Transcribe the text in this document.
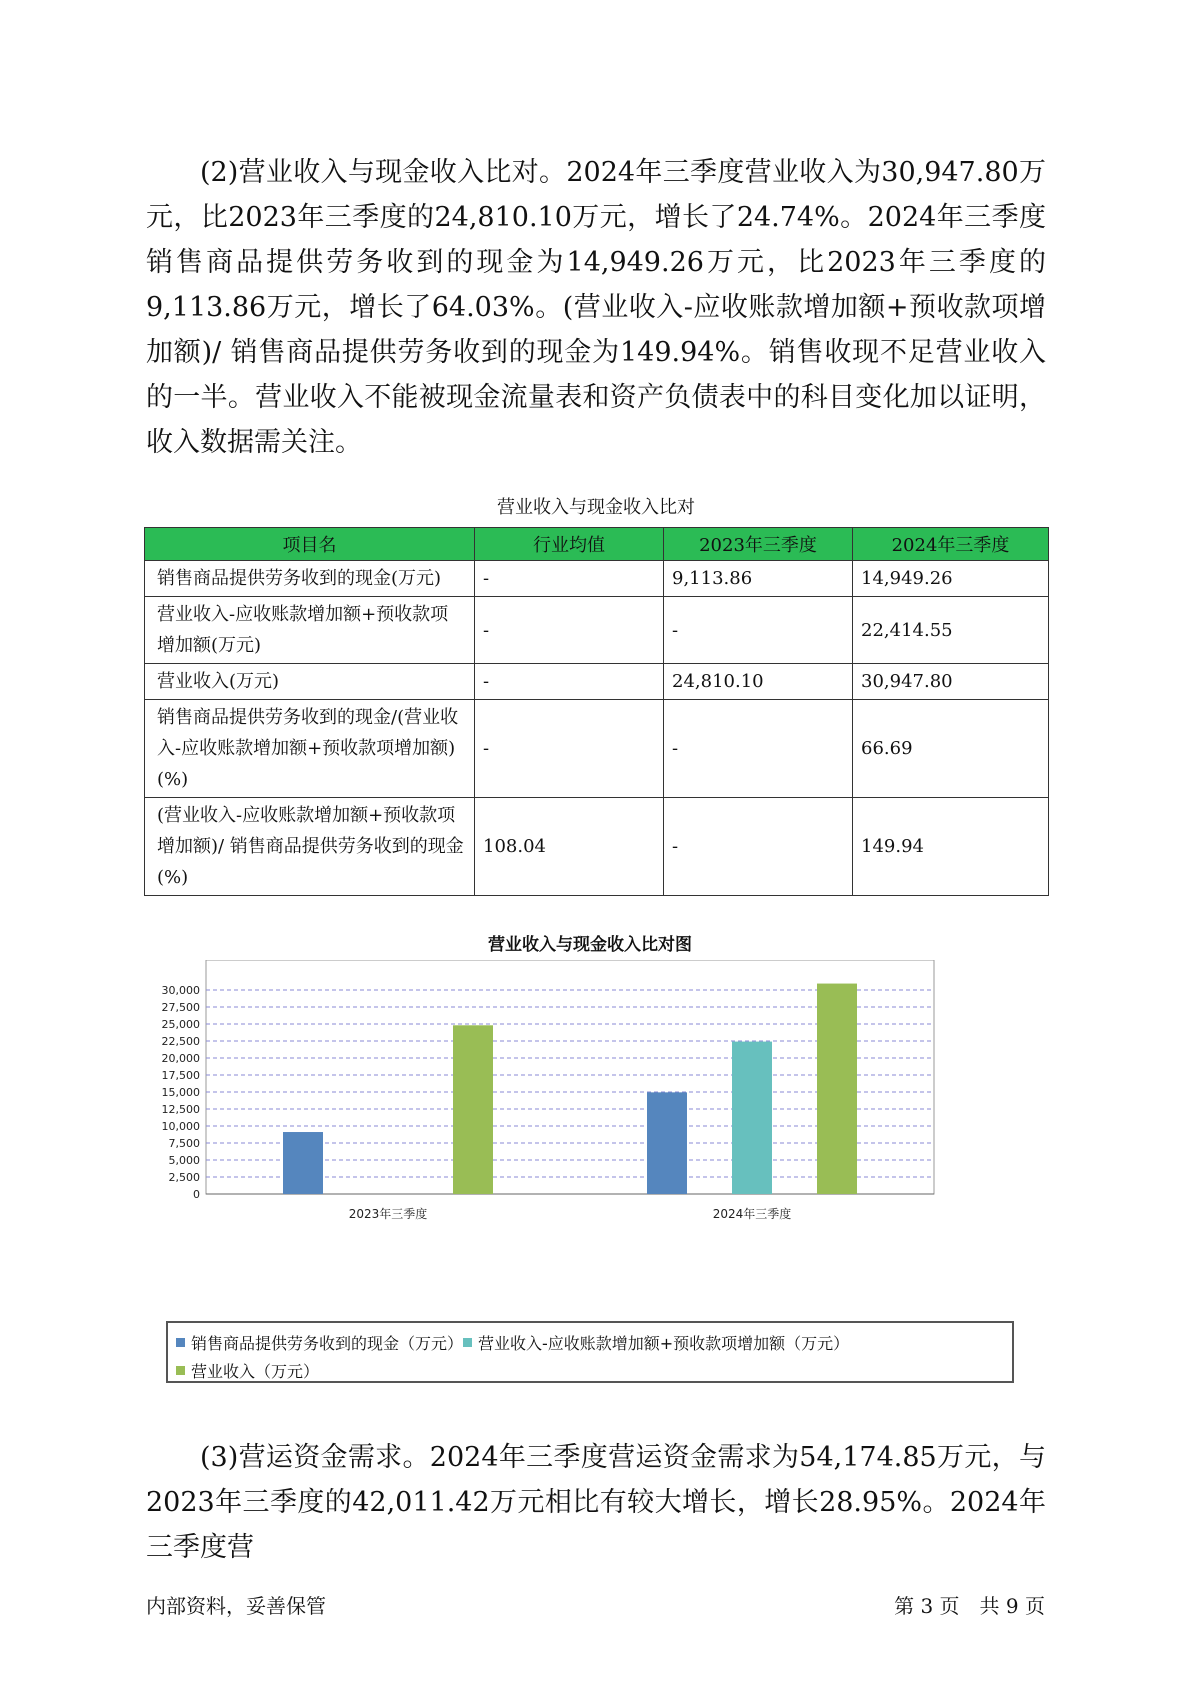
(2)营业收入与现金收入比对。2024年三季度营业收入为30,947.80万元，比2023年三季度的24,810.10万元，增长了24.74%。2024年三季度销售商品提供劳务收到的现金为14,949.26万元，比2023年三季度的9,113.86万元，增长了64.03%。(营业收入-应收账款增加额+预收款项增加额)/ 销售商品提供劳务收到的现金为149.94%。销售收现不足营业收入的一半。营业收入不能被现金流量表和资产负债表中的科目变化加以证明，收入数据需关注。

营业收入与现金收入比对
项目名	行业均值	2023年三季度	2024年三季度
销售商品提供劳务收到的现金(万元)	-	9,113.86	14,949.26
营业收入-应收账款增加额+预收款项增加额(万元)	-	-	22,414.55
营业收入(万元)	-	24,810.10	30,947.80
销售商品提供劳务收到的现金/(营业收入-应收账款增加额+预收款项增加额)(%)	-	-	66.69
(营业收入-应收账款增加额+预收款项增加额)/ 销售商品提供劳务收到的现金(%)	108.04	-	149.94
营业收入与现金收入比对图
0
2,500
5,000
7,500
10,000
12,500
15,000
17,500
20,000
22,500
25,000
27,500
30,000
2023年三季度	2024年三季度
销售商品提供劳务收到的现金（万元） 营业收入-应收账款增加额+预收款项增加额（万元）
营业收入（万元）

(3)营运资金需求。2024年三季度营运资金需求为54,174.85万元，与2023年三季度的42,011.42万元相比有较大增长，增长28.95%。2024年三季度营

内部资料，妥善保管	第 3 页　共 9 页
